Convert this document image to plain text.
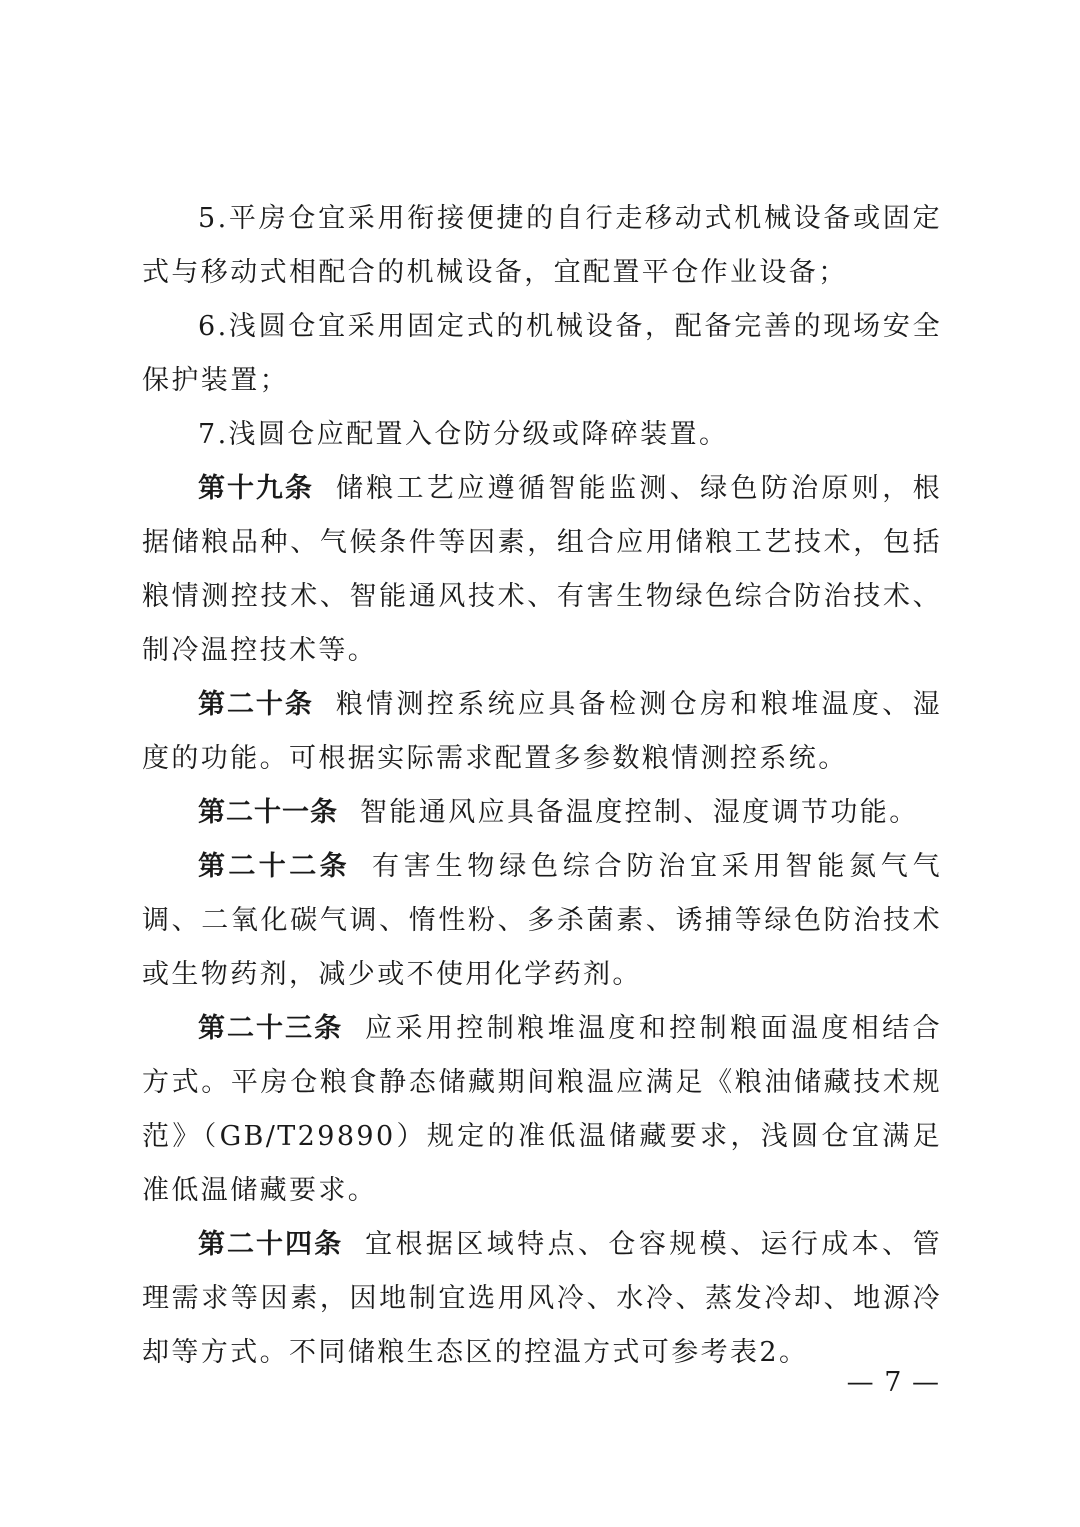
5.平房仓宜采用衔接便捷的自行走移动式机械设备或固定式与移动式相配合的机械设备，宜配置平仓作业设备；

6.浅圆仓宜采用固定式的机械设备，配备完善的现场安全保护装置；

7.浅圆仓应配置入仓防分级或降碎装置。

第十九条 储粮工艺应遵循智能监测、绿色防治原则，根据储粮品种、气候条件等因素，组合应用储粮工艺技术，包括粮情测控技术、智能通风技术、有害生物绿色综合防治技术、制冷温控技术等。

第二十条 粮情测控系统应具备检测仓房和粮堆温度、湿度的功能。可根据实际需求配置多参数粮情测控系统。

第二十一条 智能通风应具备温度控制、湿度调节功能。

第二十二条 有害生物绿色综合防治宜采用智能氮气气调、二氧化碳气调、惰性粉、多杀菌素、诱捕等绿色防治技术或生物药剂，减少或不使用化学药剂。

第二十三条 应采用控制粮堆温度和控制粮面温度相结合方式。平房仓粮食静态储藏期间粮温应满足《粮油储藏技术规范》（GB/T29890）规定的准低温储藏要求，浅圆仓宜满足准低温储藏要求。

第二十四条 宜根据区域特点、仓容规模、运行成本、管理需求等因素，因地制宜选用风冷、水冷、蒸发冷却、地源冷却等方式。不同储粮生态区的控温方式可参考表2。

— 7 —
